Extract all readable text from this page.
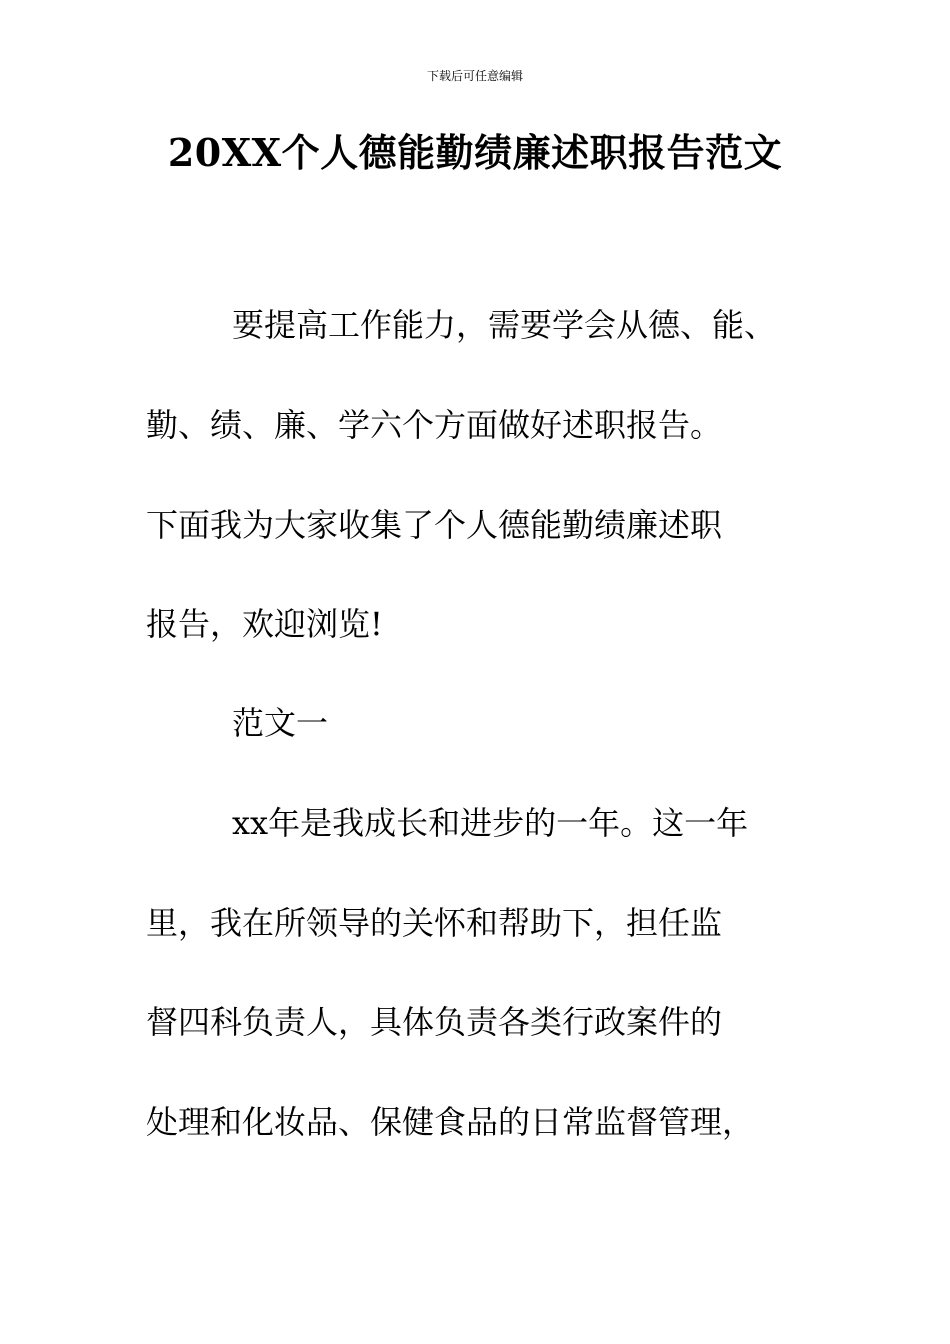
下载后可任意编辑
20XX个人德能勤绩廉述职报告范文
要提高工作能力，需要学会从德、能、
勤、绩、廉、学六个方面做好述职报告。
下面我为大家收集了个人德能勤绩廉述职
报告，欢迎浏览!
范文一
xx年是我成长和进步的一年。这一年
里，我在所领导的关怀和帮助下，担任监
督四科负责人，具体负责各类行政案件的
处理和化妆品、保健食品的日常监督管理，
